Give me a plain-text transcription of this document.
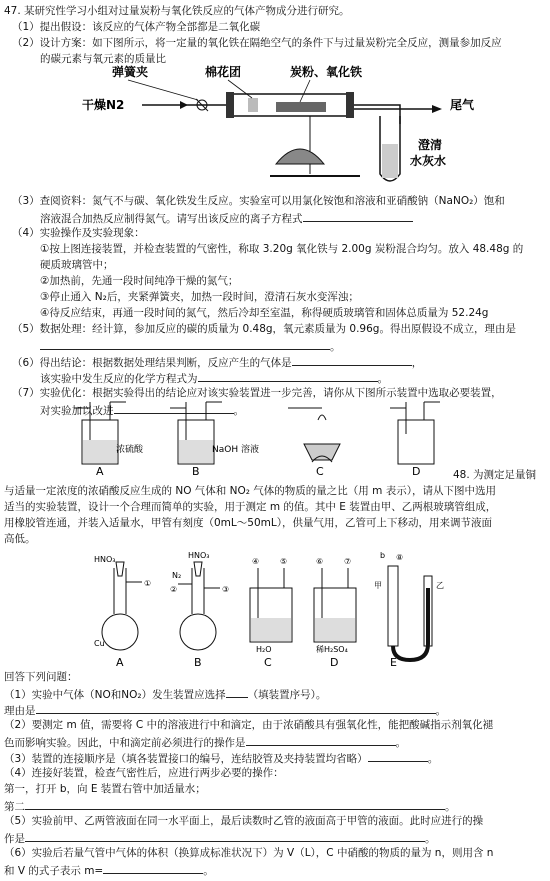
47. 某研究性学习小组对过量炭粉与氧化铁反应的气体产物成分进行研究。
（1）提出假设：该反应的气体产物全部都是二氧化碳
（2）设计方案：如下图所示，将一定量的氧化铁在隔绝空气的条件下与过量炭粉完全反应，测量参加反应
的碳元素与氧元素的质量比
弹簧夹	棉花团	炭粉、氧化铁
干燥N2	尾气
澄清
水灰水
（3）查阅资料：氮气不与碳、氧化铁发生反应。实验室可以用氯化铵饱和溶液和亚硝酸钠（NaNO₂）饱和
溶液混合加热反应制得氮气。请写出该反应的离子方程式
（4）实验操作及实验现象：
①按上图连接装置，并检查装置的气密性，称取 3.20g 氧化铁与 2.00g 炭粉混合均匀。放入 48.48g 的
硬质玻璃管中；
②加热前，先通一段时间纯净干燥的氮气；
③停止通入 N₂后，夹紧弹簧夹，加热一段时间，澄清石灰水变浑浊；
④待反应结束，再通一段时间的氮气，然后冷却至室温，称得硬质玻璃管和固体总质量为 52.24g
（5）数据处理：经计算，参加反应的碳的质量为 0.48g，氧元素质量为 0.96g。得出原假设不成立，理由是
。
（6）得出结论：根据数据处理结果判断，反应产生的气体是	，
该实验中发生反应的化学方程式为	。
（7）实验优化：根据实验得出的结论应对该实验装置进一步完善，请你从下图所示装置中选取必要装置，
对实验加以改进	。
浓硫酸
A
NaOH 溶液
B	C	D	48. 为测定足量铜
与适量一定浓度的浓硝酸反应生成的 NO 气体和 NO₂ 气体的物质的量之比（用 m 表示），请从下图中选用
适当的实验装置，设计一个合理而简单的实验，用于测定 m 的值。其中 E 装置由甲、乙两根玻璃管组成，
用橡胶管连通，并装入适量水，甲管有刻度（0mL～50mL），供量气用，乙管可上下移动，用来调节液面
高低。
HNO₃
①
Cu
A
N₂
HNO₃
②	③
B
④	⑤
H₂O
C
⑥	⑦
稀H₂SO₄
D
⑧
b
甲	乙
E
回答下列问题：
（1）实验中气体（NO和NO₂）发生装置应选择 （填装置序号）。
理由是	。
（2）要测定 m 值，需要将 C 中的溶液进行中和滴定，由于浓硝酸具有强氧化性，能把酸碱指示剂氧化褪
色而影响实验。因此，中和滴定前必须进行的操作是	。
（3）装置的连接顺序是（填各装置接口的编号，连结胶管及夹持装置均省略）	。
（4）连接好装置，检查气密性后，应进行两步必要的操作：
第一，打开 b，向 E 装置右管中加适量水；
第二	。
（5）实验前甲、乙两管液面在同一水平面上，最后读数时乙管的液面高于甲管的液面。此时应进行的操
作是	。
（6）实验后若量气管中气体的体积（换算成标准状况下）为 V（L），C 中硝酸的物质的量为 n，则用含 n
和 V 的式子表示 m=	。
